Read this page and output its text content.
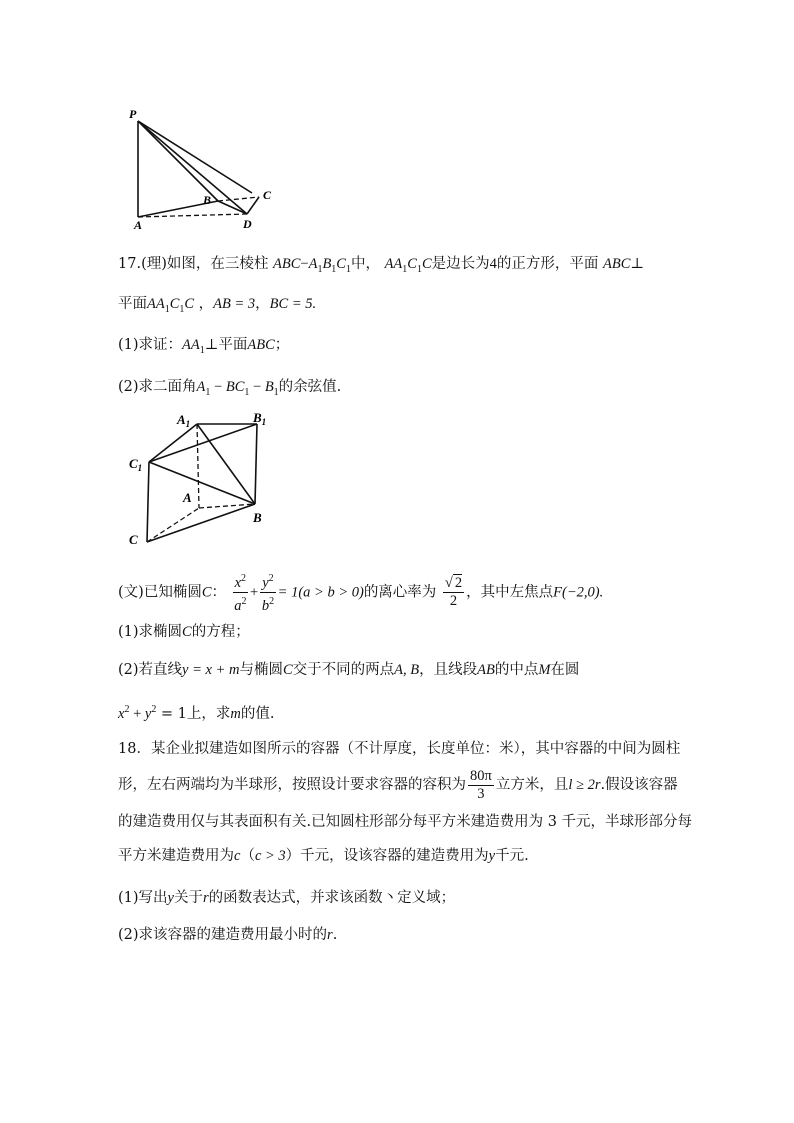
P
A
B	C
D
17.(理)如图，在三棱柱 $ABC-A_1B_1C_1$中， $AA_1C_1C$是边长为4的正方形，平面 ABC⊥
平面$AA_1C_1C$ ，AB = 3，BC = 5.
(1)求证：$AA_1\perp$平面ABC；
(2)求二面角$A_1 - BC_1 - B_1$的余弦值.
$A_1$	$B_1$
$C_1$
A
B
C
(文)已知椭圆C： $\frac{x^2}{a^2} + \frac{y^2}{b^2} = 1(a > b > 0)$的离心率为 $\frac{√ 2}{2}$ ，其中左焦点F(−2,0).
(1)求椭圆C的方程；
(2)若直线y = x + m与椭圆C交于不同的两点A, B，且线段AB的中点M在圆
$x^2 + y^2 = 1$上，求m的值.
18．某企业拟建造如图所示的容器（不计厚度，长度单位：米），其中容器的中间为圆柱
形，左右两端均为半球形，按照设计要求容器的容积为 $\frac{80\pi}{3}$ 立方米，且l ≥ 2r.假设该容器
的建造费用仅与其表面积有关.已知圆柱形部分每平方米建造费用为 3 千元，半球形部分每
平方米建造费用为c（c > 3）千元，设该容器的建造费用为y千元.
(1)写出y关于r的函数表达式，并求该函数丶定义域；
(2)求该容器的建造费用最小时的r.
